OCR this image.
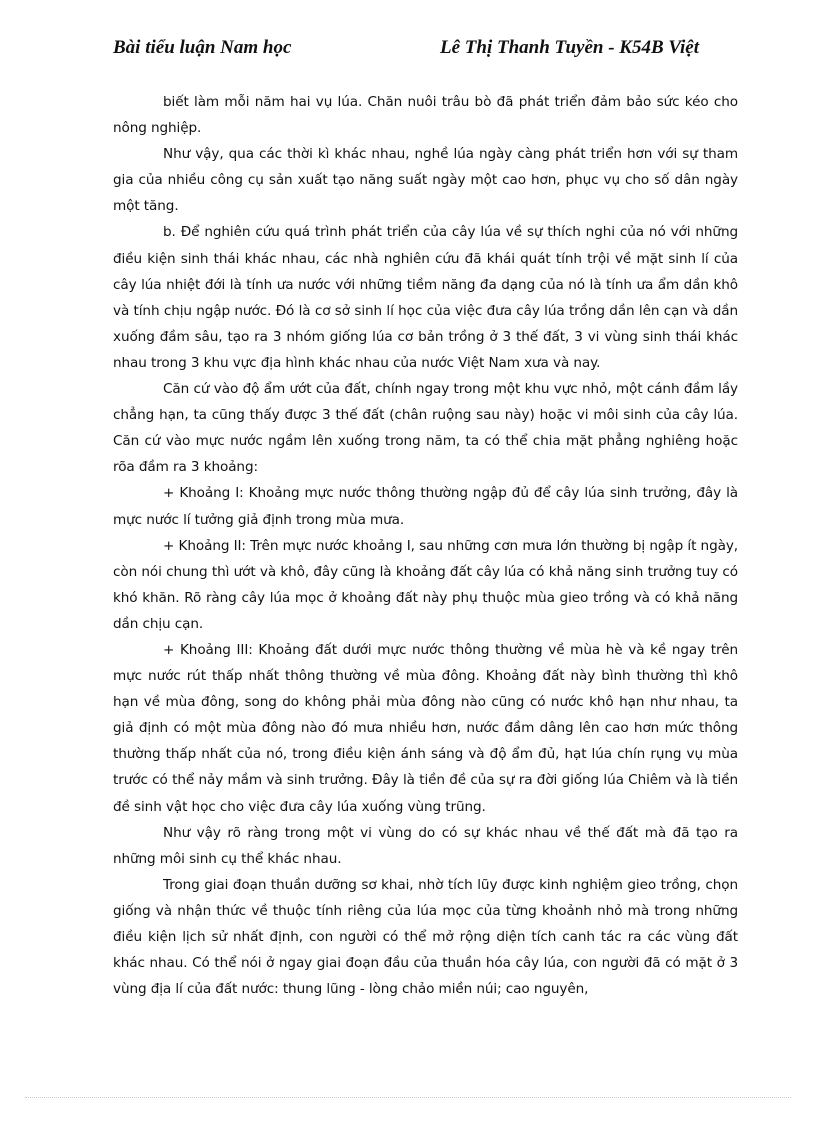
Bài tiểu luận Nam học	Lê Thị Thanh Tuyền - K54B Việt

biết làm mỗi năm hai vụ lúa. Chăn nuôi trâu bò đã phát triển đảm bảo sức kéo cho nông nghiệp.

Như vậy, qua các thời kì khác nhau, nghề lúa ngày càng phát triển hơn với sự tham gia của nhiều công cụ sản xuất tạo năng suất ngày một cao hơn, phục vụ cho số dân ngày một tăng.

b. Để nghiên cứu quá trình phát triển của cây lúa về sự thích nghi của nó với những điều kiện sinh thái khác nhau, các nhà nghiên cứu đã khái quát tính trội về mặt sinh lí của cây lúa nhiệt đới là tính ưa nước với những tiềm năng đa dạng của nó là tính ưa ẩm dần khô và tính chịu ngập nước. Đó là cơ sở sinh lí học của việc đưa cây lúa trồng dần lên cạn và dần xuống đầm sâu, tạo ra 3 nhóm giống lúa cơ bản trồng ở 3 thế đất, 3 vi vùng sinh thái khác nhau trong 3 khu vực địa hình khác nhau của nước Việt Nam xưa và nay.

Căn cứ vào độ ẩm ướt của đất, chính ngay trong một khu vực nhỏ, một cánh đầm lầy chẳng hạn, ta cũng thấy được 3 thế đất (chân ruộng sau này) hoặc vi môi sinh của cây lúa. Căn cứ vào mực nước ngầm lên xuống trong năm, ta có thể chia mặt phẳng nghiêng hoặc rõa đầm ra 3 khoảng:

+ Khoảng I: Khoảng mực nước thông thường ngập đủ để cây lúa sinh trưởng, đây là mực nước lí tưởng giả định trong mùa mưa.

+ Khoảng II: Trên mực nước khoảng I, sau những cơn mưa lớn thường bị ngập ít ngày, còn nói chung thì ướt và khô, đây cũng là khoảng đất cây lúa có khả năng sinh trưởng tuy có khó khăn. Rõ ràng cây lúa mọc ở khoảng đất này phụ thuộc mùa gieo trồng và có khả năng dần chịu cạn.

+ Khoảng III: Khoảng đất dưới mực nước thông thường về mùa hè và kề ngay trên mực nước rút thấp nhất thông thường về mùa đông. Khoảng đất này bình thường thì khô hạn về mùa đông, song do không phải mùa đông nào cũng có nước khô hạn như nhau, ta giả định có một mùa đông nào đó mưa nhiều hơn, nước đầm dâng lên cao hơn mức thông thường thấp nhất của nó, trong điều kiện ánh sáng và độ ẩm đủ, hạt lúa chín rụng vụ mùa trước có thể nảy mầm và sinh trưởng. Đây là tiền đề của sự ra đời giống lúa Chiêm và là tiền đề sinh vật học cho việc đưa cây lúa xuống vùng trũng.

Như vậy rõ ràng trong một vi vùng do có sự khác nhau về thế đất mà đã tạo ra những môi sinh cụ thể khác nhau.

Trong giai đoạn thuần dưỡng sơ khai, nhờ tích lũy được kinh nghiệm gieo trồng, chọn giống và nhận thức về thuộc tính riêng của lúa mọc của từng khoảnh nhỏ mà trong những điều kiện lịch sử nhất định, con người có thể mở rộng diện tích canh tác ra các vùng đất khác nhau. Có thể nói ở ngay giai đoạn đầu của thuần hóa cây lúa, con người đã có mặt ở 3 vùng địa lí của đất nước: thung lũng - lòng chảo miền núi; cao nguyên,
